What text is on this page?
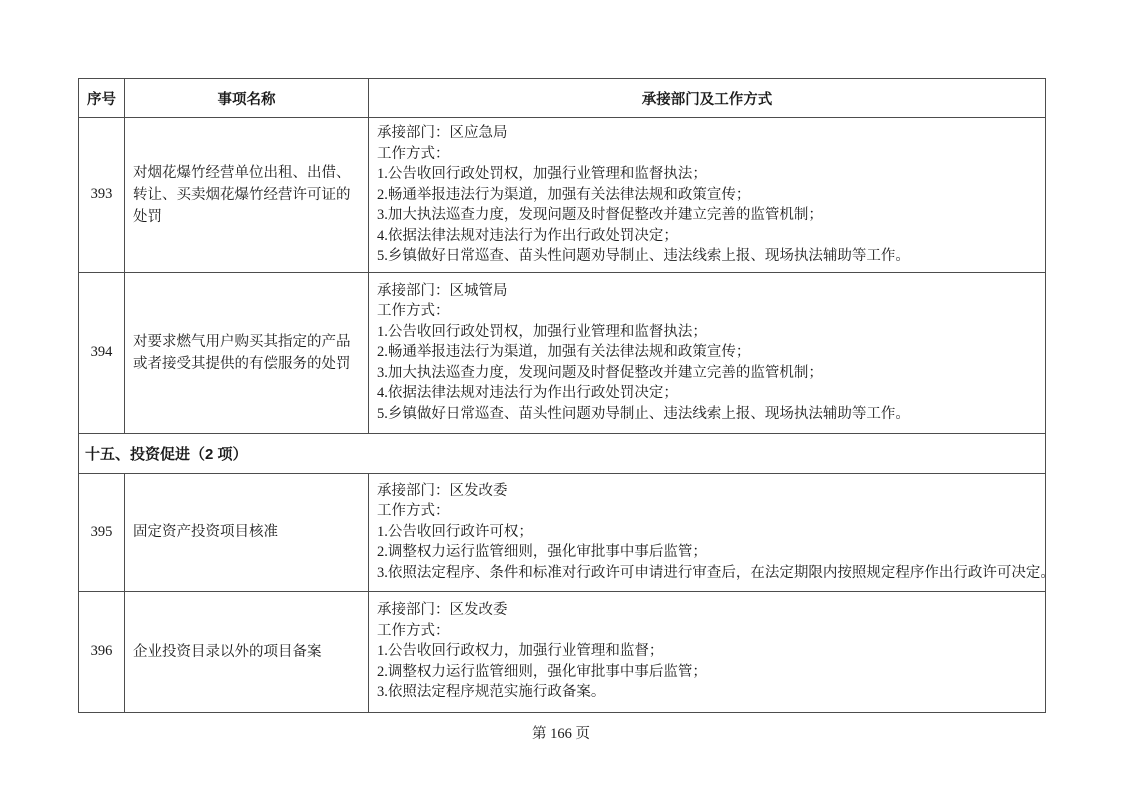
序号	事项名称	承接部门及工作方式
393	对烟花爆竹经营单位出租、出借、转让、买卖烟花爆竹经营许可证的处罚	
承接部门：区应急局
工作方式：
1.公告收回行政处罚权，加强行业管理和监督执法；
2.畅通举报违法行为渠道，加强有关法律法规和政策宣传；
3.加大执法巡查力度，发现问题及时督促整改并建立完善的监管机制；
4.依据法律法规对违法行为作出行政处罚决定；
5.乡镇做好日常巡查、苗头性问题劝导制止、违法线索上报、现场执法辅助等工作。

394	对要求燃气用户购买其指定的产品或者接受其提供的有偿服务的处罚	
承接部门：区城管局
工作方式：
1.公告收回行政处罚权，加强行业管理和监督执法；
2.畅通举报违法行为渠道，加强有关法律法规和政策宣传；
3.加大执法巡查力度，发现问题及时督促整改并建立完善的监管机制；
4.依据法律法规对违法行为作出行政处罚决定；
5.乡镇做好日常巡查、苗头性问题劝导制止、违法线索上报、现场执法辅助等工作。

十五、投资促进（2 项）		
395	固定资产投资项目核准	承接部门：区发改委
工作方式：
1.公告收回行政许可权；
2.调整权力运行监管细则，强化审批事中事后监管；
3.依照法定程序、条件和标准对行政许可申请进行审查后，在法定期限内按照规定程序作出行政许可决定。

396	企业投资目录以外的项目备案	承接部门：区发改委
工作方式：
1.公告收回行政权力，加强行业管理和监督；
2.调整权力运行监管细则，强化审批事中事后监管；
3.依照法定程序规范实施行政备案。
第 166 页
